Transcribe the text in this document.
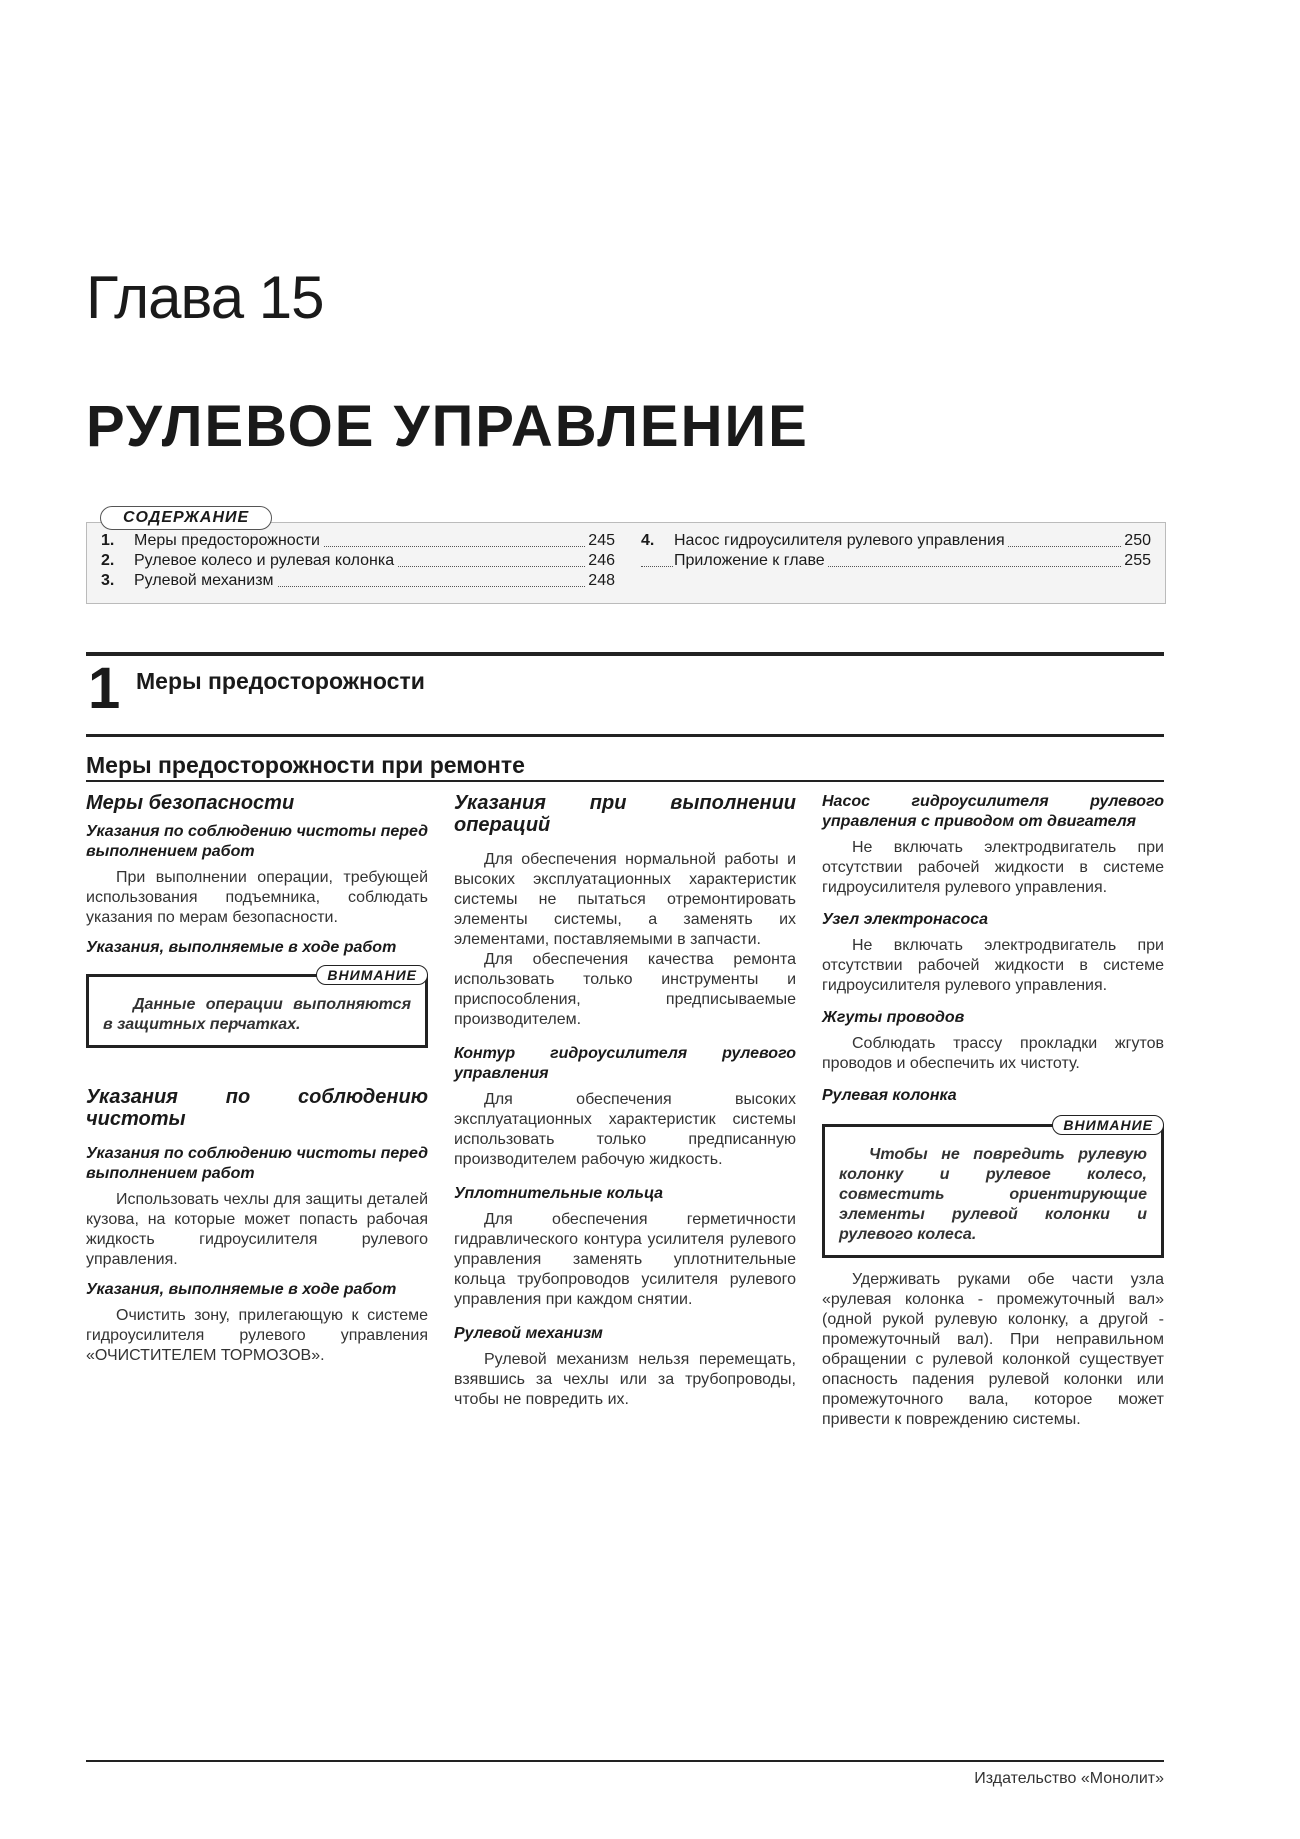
Глава 15
РУЛЕВОЕ УПРАВЛЕНИЕ
1. Меры предосторожности	245
2. Рулевое колесо и рулевая колонка	246
3. Рулевой механизм	248
4. Насос гидроусилителя рулевого управления	250
Приложение к главе	255
СОДЕРЖАНИЕ
1 Меры предосторожности
Меры предосторожности при ремонте
Меры безопасности
Указания по соблюдению чистоты перед выполнением работ

При выполнении операции, требующей использования подъемника, соблюдать указания по мерам безопасности.

Указания, выполняемые в ходе работ
ВНИМАНИЕ

Данные операции выполняются в защитных перчатках.

Указания по соблюдению чистоты
Указания по соблюдению чистоты перед выполнением работ

Использовать чехлы для защиты деталей кузова, на которые может попасть рабочая жидкость гидроусилителя рулевого управления.

Указания, выполняемые в ходе работ

Очистить зону, прилегающую к системе гидроусилителя рулевого управления «ОЧИСТИТЕЛЕМ ТОРМОЗОВ».

Указания при выполнении операций

Для обеспечения нормальной работы и высоких эксплуатационных характеристик системы не пытаться отремонтировать элементы системы, а заменять их элементами, поставляемыми в запчасти.

Для обеспечения качества ремонта использовать только инструменты и приспособления, предписываемые производителем.

Контур гидроусилителя рулевого управления

Для обеспечения высоких эксплуатационных характеристик системы использовать только предписанную производителем рабочую жидкость.

Уплотнительные кольца

Для обеспечения герметичности гидравлического контура усилителя рулевого управления заменять уплотнительные кольца трубопроводов усилителя рулевого управления при каждом снятии.

Рулевой механизм

Рулевой механизм нельзя перемещать, взявшись за чехлы или за трубопроводы, чтобы не повредить их.

Насос гидроусилителя рулевого управления с приводом от двигателя

Не включать электродвигатель при отсутствии рабочей жидкости в системе гидроусилителя рулевого управления.

Узел электронасоса

Не включать электродвигатель при отсутствии рабочей жидкости в системе гидроусилителя рулевого управления.

Жгуты проводов

Соблюдать трассу прокладки жгутов проводов и обеспечить их чистоту.

Рулевая колонка
ВНИМАНИЕ

Чтобы не повредить рулевую колонку и рулевое колесо, совместить ориентирующие элементы рулевой колонки и рулевого колеса.

Удерживать руками обе части узла «рулевая колонка - промежуточный вал» (одной рукой рулевую колонку, а другой - промежуточный вал). При неправильном обращении с рулевой колонкой существует опасность падения рулевой колонки или промежуточного вала, которое может привести к повреждению системы.

Издательство «Монолит»
